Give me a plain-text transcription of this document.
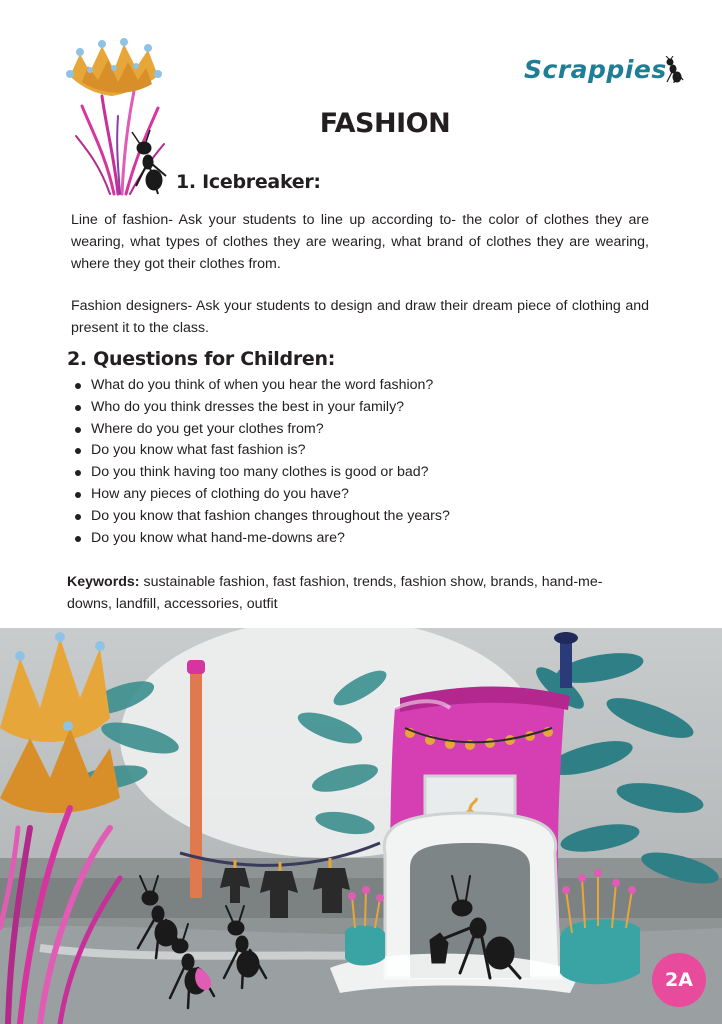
Scrappies
FASHION
1. Icebreaker:

Line of fashion- Ask your students to line up according to- the color of clothes they are wearing, what types of clothes they are wearing, what brand of clothes they are wearing, where they got their clothes from.

Fashion designers- Ask your students to design and draw their dream piece of clothing and present it to the class.

2. Questions for Children:
What do you think of when you hear the word fashion?
Who do you think dresses the best in your family?
Where do you get your clothes from?
Do you know what fast fashion is?
Do you think having too many clothes is good or bad?
How any pieces of clothing do you have?
Do you know that fashion changes throughout the years?
Do you know what hand-me-downs are?

Keywords: sustainable fashion, fast fashion, trends, fashion show, brands, hand-me-downs, landfill, accessories, outfit

2A
